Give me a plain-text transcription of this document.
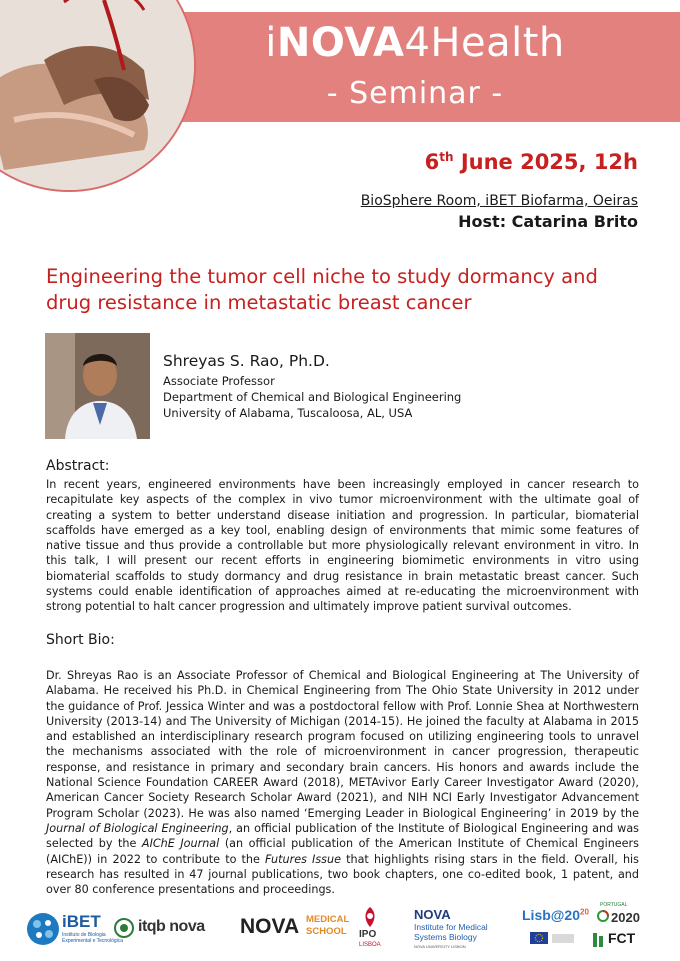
iNOVA4Health
- Seminar -
6th June 2025, 12h
BioSphere Room, iBET Biofarma, Oeiras
Host: Catarina Brito
Engineering the tumor cell niche to study dormancy and drug resistance in metastatic breast cancer
Shreyas S. Rao, Ph.D.
Associate Professor
Department of Chemical and Biological Engineering
University of Alabama, Tuscaloosa, AL, USA
Abstract:

In recent years, engineered environments have been increasingly employed in cancer research to recapitulate key aspects of the complex in vivo tumor microenvironment with the ultimate goal of creating a system to better understand disease initiation and progression. In particular, biomaterial scaffolds have emerged as a key tool, enabling design of environments that mimic some features of native tissue and thus provide a controllable but more physiologically relevant environment in vitro. In this talk, I will present our recent efforts in engineering biomimetic environments in vitro using biomaterial scaffolds to study dormancy and drug resistance in brain metastatic breast cancer. Such systems could enable identification of approaches aimed at re-educating the microenvironment with strong potential to halt cancer progression and ultimately improve patient survival outcomes.

Short Bio:

Dr. Shreyas Rao is an Associate Professor of Chemical and Biological Engineering at The University of Alabama. He received his Ph.D. in Chemical Engineering from The Ohio State University in 2012 under the guidance of Prof. Jessica Winter and was a postdoctoral fellow with Prof. Lonnie Shea at Northwestern University (2013-14) and The University of Michigan (2014-15). He joined the faculty at Alabama in 2015 and established an interdisciplinary research program focused on utilizing engineering tools to unravel the mechanisms associated with the role of microenvironment in cancer progression, therapeutic response, and resistance in primary and secondary brain cancers. His honors and awards include the National Science Foundation CAREER Award (2018), METAvivor Early Career Investigator Award (2020), American Cancer Society Research Scholar Award (2021), and NIH NCI Early Investigator Advancement Program Scholar (2023). He was also named ‘Emerging Leader in Biological Engineering’ in 2019 by the Journal of Biological Engineering, an official publication of the Institute of Biological Engineering and was selected by the AIChE Journal (an official publication of the American Institute of Chemical Engineers (AIChE)) in 2022 to contribute to the Futures Issue that highlights rising stars in the field. Overall, his research has resulted in 47 journal publications, two book chapters, one co-edited book, 1 patent, and over 80 conference presentations and proceedings.

iBET
Instituto de Biologia
Experimental e Tecnológica
itqb nova NOVA MEDICAL
SCHOOL IPO
LISBOA
NOVA
Institute for Medical
Systems Biology
NOVA UNIVERSITY LISBON
$Lisb@20^{20}$
PORTUGAL
2020
FCT
